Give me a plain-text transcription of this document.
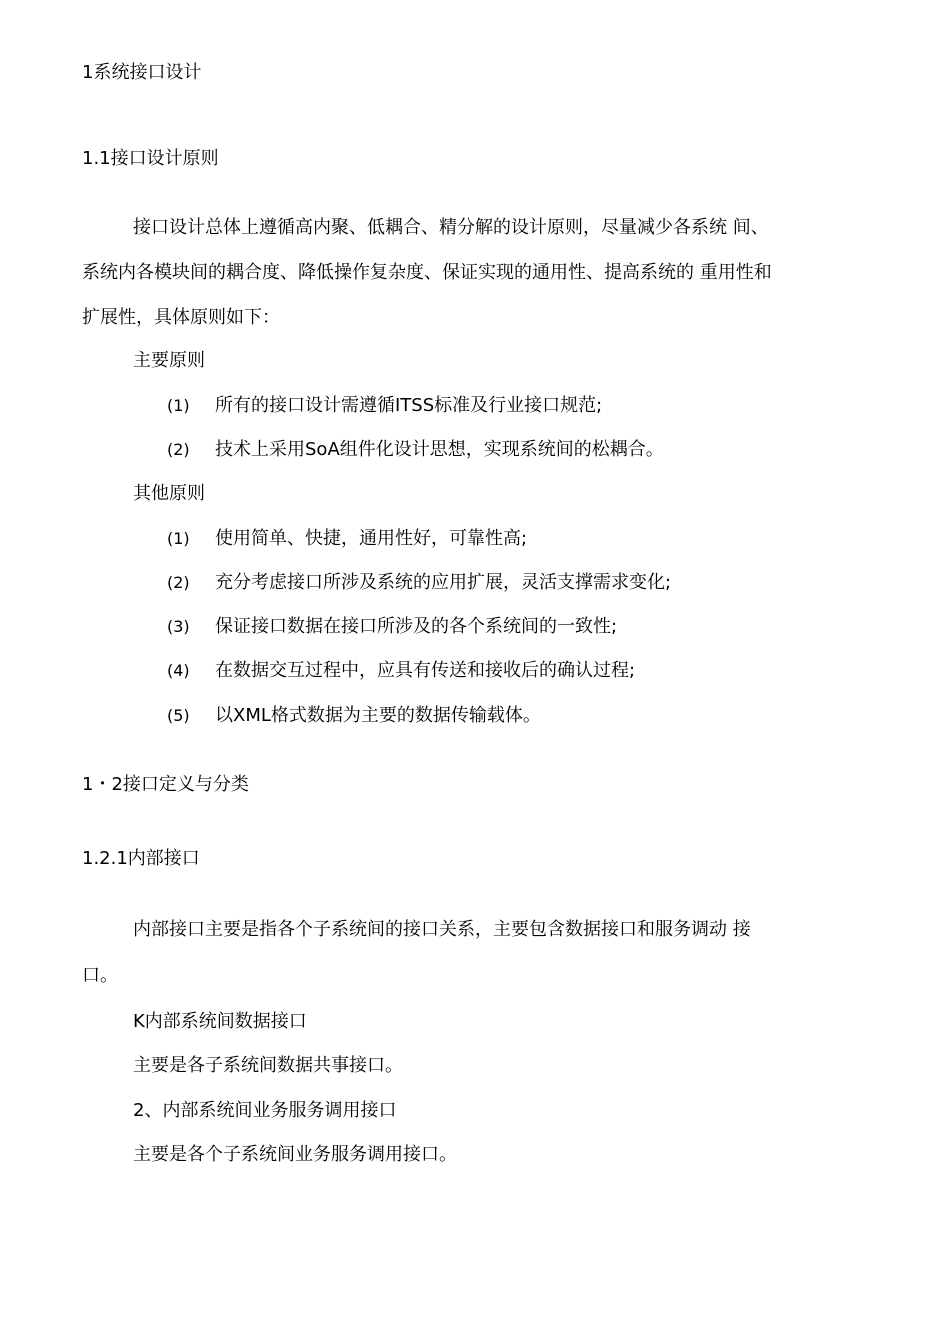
1系统接口设计
1.1接口设计原则
接口设计总体上遵循高内聚、低耦合、精分解的设计原则，尽量减少各系统 间、
系统内各模块间的耦合度、降低操作复杂度、保证实现的通用性、提高系统的 重用性和
扩展性，具体原则如下：
主要原则
(1) 所有的接口设计需遵循ITSS标准及行业接口规范;
(2) 技术上采用SoA组件化设计思想，实现系统间的松耦合。
其他原则
(1) 使用简单、快捷，通用性好，可靠性高;
(2) 充分考虑接口所涉及系统的应用扩展，灵活支撑需求变化;
(3) 保证接口数据在接口所涉及的各个系统间的一致性;
(4) 在数据交互过程中，应具有传送和接收后的确认过程;
(5) 以XML格式数据为主要的数据传输载体。
1・2接口定义与分类
1.2.1内部接口
内部接口主要是指各个子系统间的接口关系，主要包含数据接口和服务调动 接
口。
K内部系统间数据接口
主要是各子系统间数据共事接口。
2、内部系统间业务服务调用接口
主要是各个子系统间业务服务调用接口。
